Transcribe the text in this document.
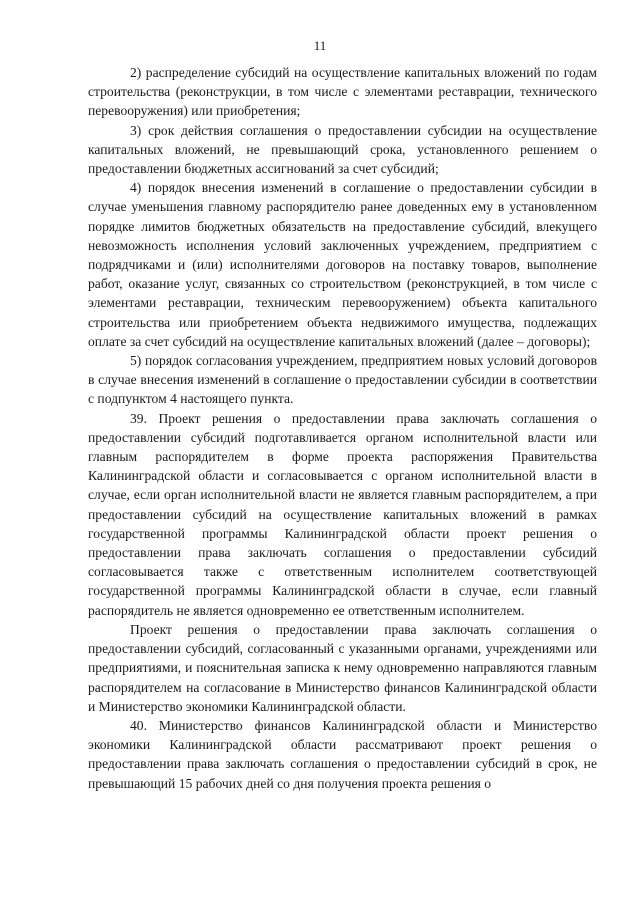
11

2) распределение субсидий на осуществление капитальных вложений по годам строительства (реконструкции, в том числе с элементами реставрации, технического перевооружения) или приобретения;

3) срок действия соглашения о предоставлении субсидии на осуществление капитальных вложений, не превышающий срока, установленного решением о предоставлении бюджетных ассигнований за счет субсидий;

4) порядок внесения изменений в соглашение о предоставлении субсидии в случае уменьшения главному распорядителю ранее доведенных ему в установленном порядке лимитов бюджетных обязательств на предоставление субсидий, влекущего невозможность исполнения условий заключенных учреждением, предприятием с подрядчиками и (или) исполнителями договоров на поставку товаров, выполнение работ, оказание услуг, связанных со строительством (реконструкцией, в том числе с элементами реставрации, техническим перевооружением) объекта капитального строительства или приобретением объекта недвижимого имущества, подлежащих оплате за счет субсидий на осуществление капитальных вложений (далее – договоры);

5) порядок согласования учреждением, предприятием новых условий договоров в случае внесения изменений в соглашение о предоставлении субсидии в соответствии с подпунктом 4 настоящего пункта.

39. Проект решения о предоставлении права заключать соглашения о предоставлении субсидий подготавливается органом исполнительной власти или главным распорядителем в форме проекта распоряжения Правительства Калининградской области и согласовывается с органом исполнительной власти в случае, если орган исполнительной власти не является главным распорядителем, а при предоставлении субсидий на осуществление капитальных вложений в рамках государственной программы Калининградской области проект решения о предоставлении права заключать соглашения о предоставлении субсидий согласовывается также с ответственным исполнителем соответствующей государственной программы Калининградской области в случае, если главный распорядитель не является одновременно ее ответственным исполнителем.

Проект решения о предоставлении права заключать соглашения о предоставлении субсидий, согласованный с указанными органами, учреждениями или предприятиями, и пояснительная записка к нему одновременно направляются главным распорядителем на согласование в Министерство финансов Калининградской области и Министерство экономики Калининградской области.

40. Министерство финансов Калининградской области и Министерство экономики Калининградской области рассматривают проект решения о предоставлении права заключать соглашения о предоставлении субсидий в срок, не превышающий 15 рабочих дней со дня получения проекта решения о
